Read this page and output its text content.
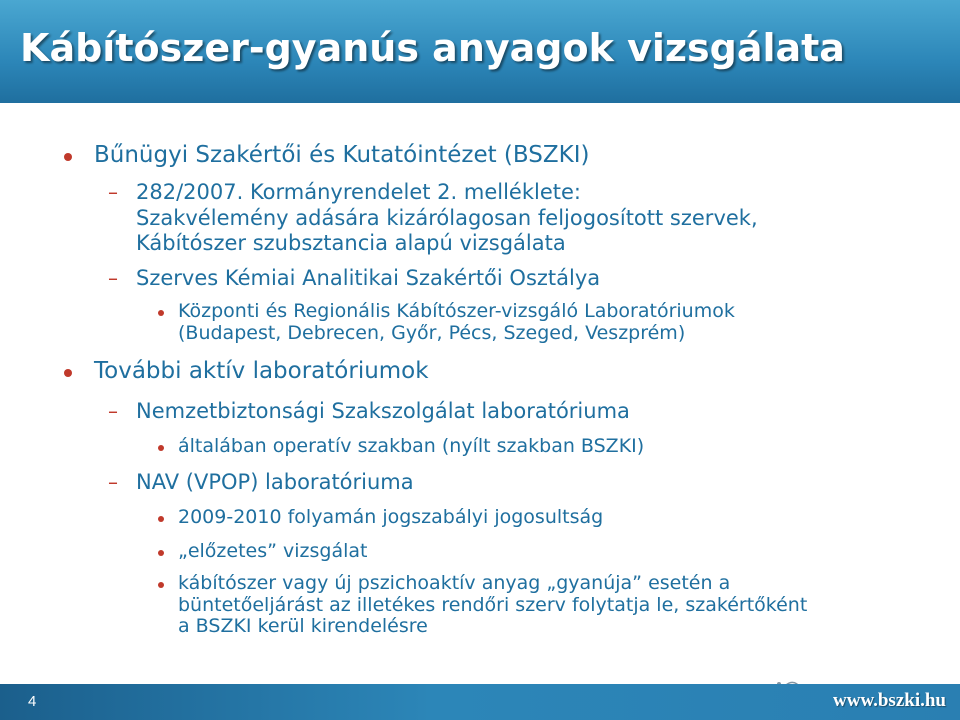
Kábítószer-gyanús anyagok vizsgálata
Bűnügyi Szakértői és Kutatóintézet (BSZKI)
– 282/2007. Kormányrendelet 2. melléklete:
Szakvélemény adására kizárólagosan feljogosított szervek,
Kábítószer szubsztancia alapú vizsgálata
– Szerves Kémiai Analitikai Szakértői Osztálya
Központi és Regionális Kábítószer-vizsgáló Laboratóriumok
(Budapest, Debrecen, Győr, Pécs, Szeged, Veszprém)
További aktív laboratóriumok
– Nemzetbiztonsági Szakszolgálat laboratóriuma
általában operatív szakban (nyílt szakban BSZKI)
– NAV (VPOP) laboratóriuma
2009-2010 folyamán jogszabályi jogosultság
„előzetes” vizsgálat
kábítószer vagy új pszichoaktív anyag „gyanúja” esetén a
büntetőeljárást az illetékes rendőri szerv folytatja le, szakértőként
a BSZKI kerül kirendelésre
4	www.bszki.hu
